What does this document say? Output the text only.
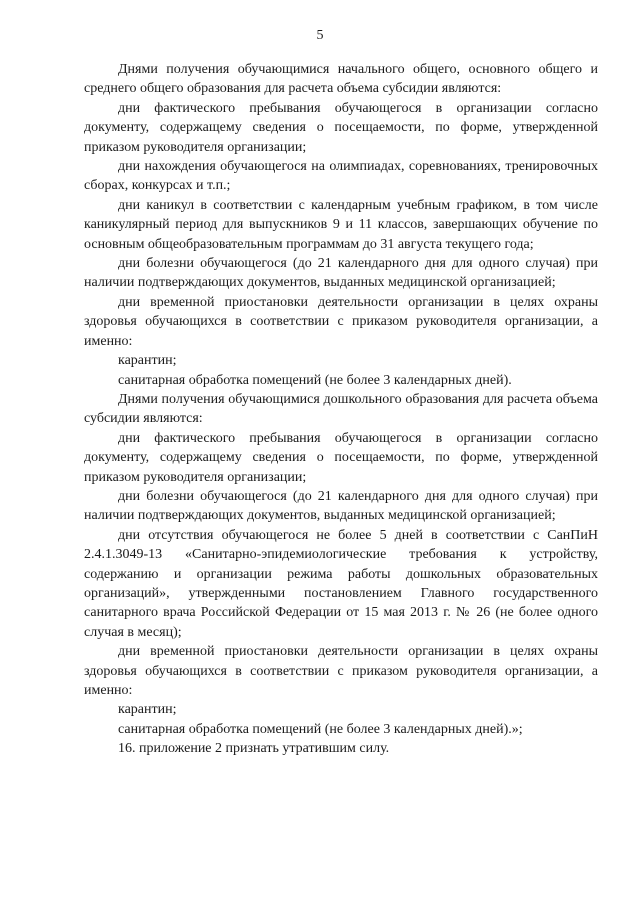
5

Днями получения обучающимися начального общего, основного общего и среднего общего образования для расчета объема субсидии являются:

дни фактического пребывания обучающегося в организации согласно документу, содержащему сведения о посещаемости, по форме, утвержденной приказом руководителя организации;

дни нахождения обучающегося на олимпиадах, соревнованиях, тренировочных сборах, конкурсах и т.п.;

дни каникул в соответствии с календарным учебным графиком, в том числе каникулярный период для выпускников 9 и 11 классов, завершающих обучение по основным общеобразовательным программам до 31 августа текущего года;

дни болезни обучающегося (до 21 календарного дня для одного случая) при наличии подтверждающих документов, выданных медицинской организацией;

дни временной приостановки деятельности организации в целях охраны здоровья обучающихся в соответствии с приказом руководителя организации, а именно:

карантин;

санитарная обработка помещений (не более 3 календарных дней).

Днями получения обучающимися дошкольного образования для расчета объема субсидии являются:

дни фактического пребывания обучающегося в организации согласно документу, содержащему сведения о посещаемости, по форме, утвержденной приказом руководителя организации;

дни болезни обучающегося (до 21 календарного дня для одного случая) при наличии подтверждающих документов, выданных медицинской организацией;

дни отсутствия обучающегося не более 5 дней в соответствии с СанПиН 2.4.1.3049-13 «Санитарно-эпидемиологические требования к устройству, содержанию и организации режима работы дошкольных образовательных организаций», утвержденными постановлением Главного государственного санитарного врача Российской Федерации от 15 мая 2013 г. № 26 (не более одного случая в месяц);

дни временной приостановки деятельности организации в целях охраны здоровья обучающихся в соответствии с приказом руководителя организации, а именно:

карантин;

санитарная обработка помещений (не более 3 календарных дней).»;

16. приложение 2 признать утратившим силу.
